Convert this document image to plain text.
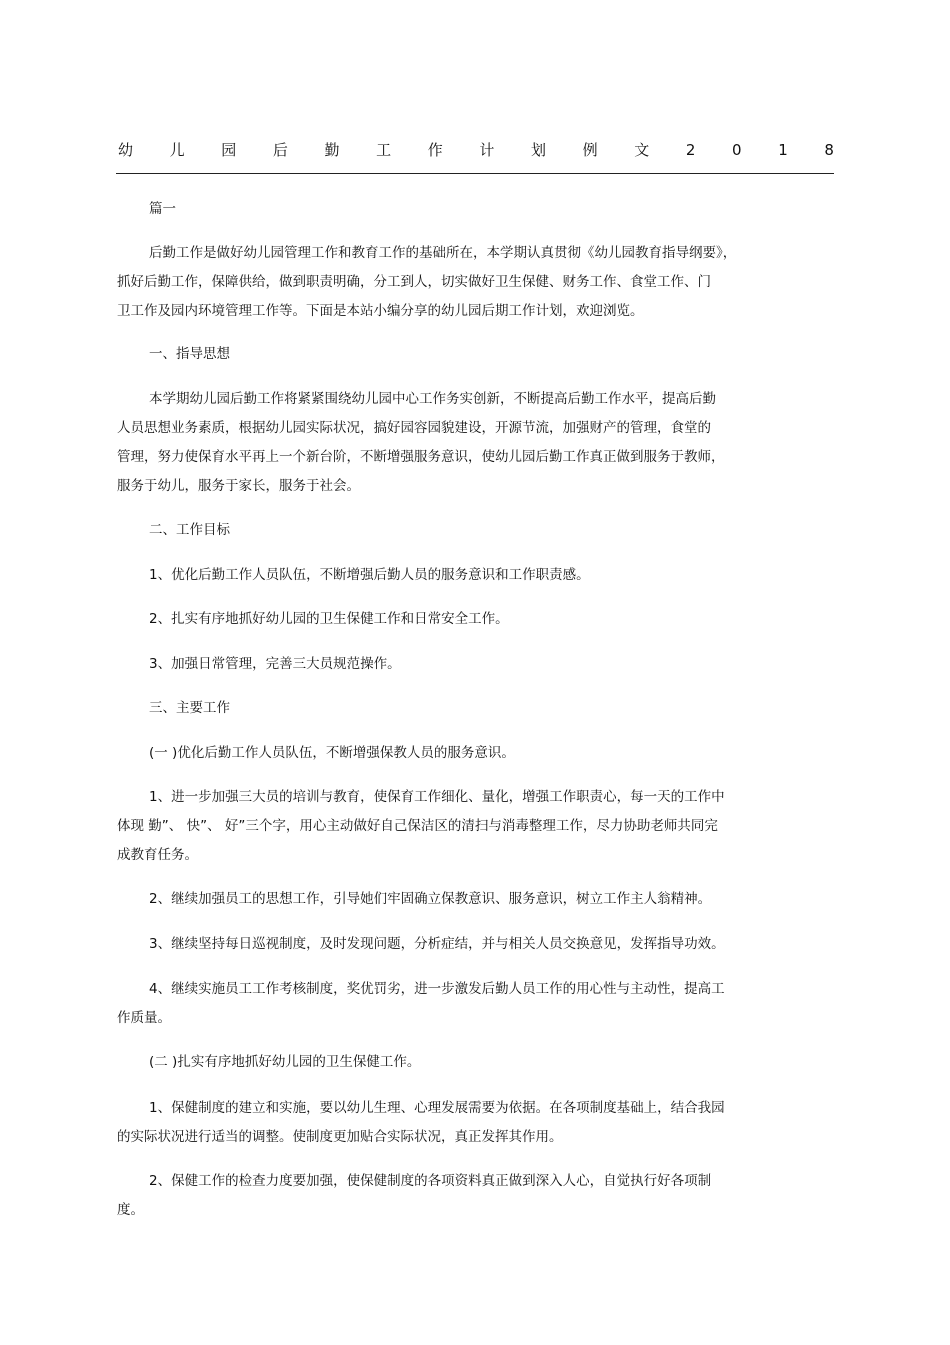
幼 儿 园 后 勤 工 作 计 划 例 文 2 0 1 8

篇一

后勤工作是做好幼儿园管理工作和教育工作的基础所在，本学期认真贯彻《幼儿园教育指导纲要》，
抓好后勤工作，保障供给，做到职责明确，分工到人，切实做好卫生保健、财务工作、食堂工作、门
卫工作及园内环境管理工作等。下面是本站小编分享的幼儿园后期工作计划，欢迎浏览。

一、指导思想

本学期幼儿园后勤工作将紧紧围绕幼儿园中心工作务实创新，不断提高后勤工作水平，提高后勤
人员思想业务素质，根据幼儿园实际状况，搞好园容园貌建设，开源节流，加强财产的管理，食堂的
管理，努力使保育水平再上一个新台阶，不断增强服务意识，使幼儿园后勤工作真正做到服务于教师，
服务于幼儿，服务于家长，服务于社会。

二、工作目标

1、优化后勤工作人员队伍，不断增强后勤人员的服务意识和工作职责感。

2、扎实有序地抓好幼儿园的卫生保健工作和日常安全工作。

3、加强日常管理，完善三大员规范操作。

三、主要工作

(一 )优化后勤工作人员队伍，不断增强保教人员的服务意识。

1、进一步加强三大员的培训与教育，使保育工作细化、量化，增强工作职责心，每一天的工作中
体现 勤”、 快”、 好”三个字，用心主动做好自己保洁区的清扫与消毒整理工作，尽力协助老师共同完
成教育任务。

2、继续加强员工的思想工作，引导她们牢固确立保教意识、服务意识，树立工作主人翁精神。

3、继续坚持每日巡视制度，及时发现问题，分析症结，并与相关人员交换意见，发挥指导功效。

4、继续实施员工工作考核制度，奖优罚劣，进一步激发后勤人员工作的用心性与主动性，提高工
作质量。

(二 )扎实有序地抓好幼儿园的卫生保健工作。

1、保健制度的建立和实施，要以幼儿生理、心理发展需要为依据。在各项制度基础上，结合我园
的实际状况进行适当的调整。使制度更加贴合实际状况，真正发挥其作用。

2、保健工作的检查力度要加强，使保健制度的各项资料真正做到深入人心，自觉执行好各项制
度。
